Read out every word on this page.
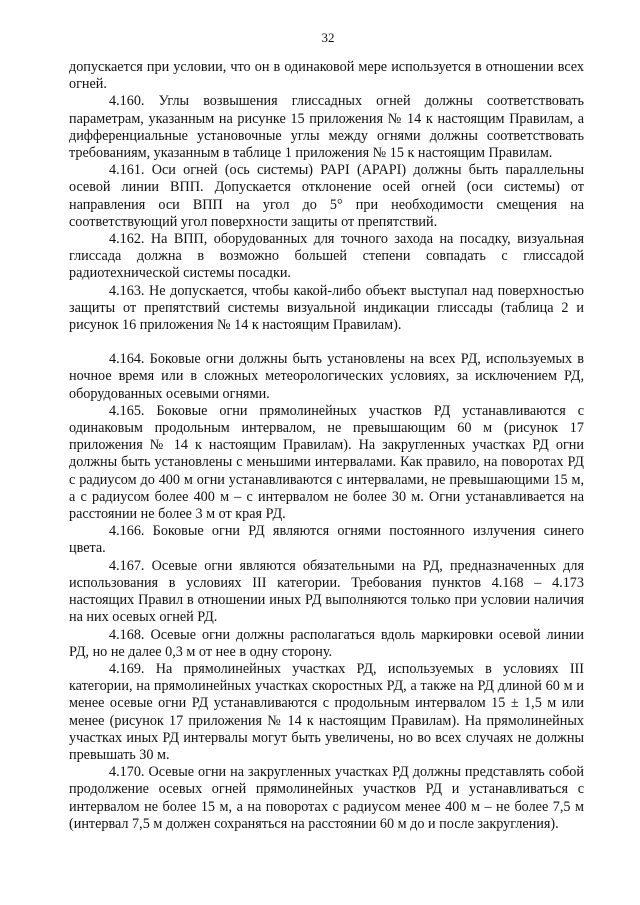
32

допускается при условии, что он в одинаковой мере используется в отношении всех огней.

4.160. Углы возвышения глиссадных огней должны соответствовать параметрам, указанным на рисунке 15 приложения № 14 к настоящим Правилам, а дифференциальные установочные углы между огнями должны соответствовать требованиям, указанным в таблице 1 приложения № 15 к настоящим Правилам.

4.161. Оси огней (ось системы) PAPI (APAPI) должны быть параллельны осевой линии ВПП. Допускается отклонение осей огней (оси системы) от направления оси ВПП на угол до 5° при необходимости смещения на соответствующий угол поверхности защиты от препятствий.

4.162. На ВПП, оборудованных для точного захода на посадку, визуальная глиссада должна в возможно большей степени совпадать с глиссадой радиотехнической системы посадки.

4.163. Не допускается, чтобы какой-либо объект выступал над поверхностью защиты от препятствий системы визуальной индикации глиссады (таблица 2 и рисунок 16 приложения № 14 к настоящим Правилам).

4.164. Боковые огни должны быть установлены на всех РД, используемых в ночное время или в сложных метеорологических условиях, за исключением РД, оборудованных осевыми огнями.

4.165. Боковые огни прямолинейных участков РД устанавливаются с одинаковым продольным интервалом, не превышающим 60 м (рисунок 17 приложения № 14 к настоящим Правилам). На закругленных участках РД огни должны быть установлены с меньшими интервалами. Как правило, на поворотах РД с радиусом до 400 м огни устанавливаются с интервалами, не превышающими 15 м, а с радиусом более 400 м – с интервалом не более 30 м. Огни устанавливается на расстоянии не более 3 м от края РД.

4.166. Боковые огни РД являются огнями постоянного излучения синего цвета.

4.167. Осевые огни являются обязательными на РД, предназначенных для использования в условиях III категории. Требования пунктов 4.168 – 4.173 настоящих Правил в отношении иных РД выполняются только при условии наличия на них осевых огней РД.

4.168. Осевые огни должны располагаться вдоль маркировки осевой линии РД, но не далее 0,3 м от нее в одну сторону.

4.169. На прямолинейных участках РД, используемых в условиях III категории, на прямолинейных участках скоростных РД, а также на РД длиной 60 м и менее осевые огни РД устанавливаются с продольным интервалом 15 ± 1,5 м или менее (рисунок 17 приложения № 14 к настоящим Правилам). На прямолинейных участках иных РД интервалы могут быть увеличены, но во всех случаях не должны превышать 30 м.

4.170. Осевые огни на закругленных участках РД должны представлять собой продолжение осевых огней прямолинейных участков РД и устанавливаться с интервалом не более 15 м, а на поворотах с радиусом менее 400 м – не более 7,5 м (интервал 7,5 м должен сохраняться на расстоянии 60 м до и после закругления).
